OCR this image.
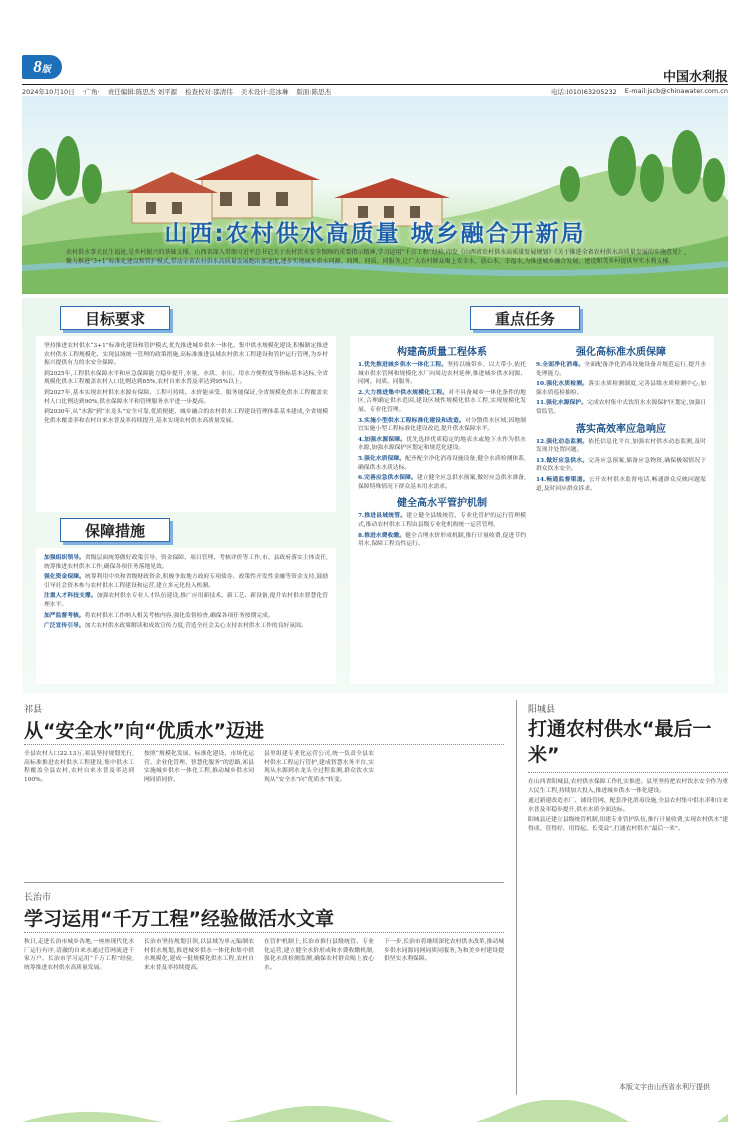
8版
中国水利报
2024年10月10日 ·广角· 责任编辑:陈思杰 刘平源 检查校对:邵清伟 美术设计:范冰琳 版面:陈思杰	电话:(010)63205232 E-mail:jscb@chinawater.com.cn
山西:农村供水高质量 城乡融合开新局
农村供水事关民生福祉,是乡村振兴的基础支撑。山西省深入贯彻习近平总书记关于农村饮水安全保障的重要指示精神,学习运用“千万工程”经验,印发《山西省农村供水高质量发展规划》《关于推进全省农村供水高质量发展的实施意见》,聚力推进“3+1”标准化建设和管护模式,带动全省农村供水高质量发展跑出加速度,逐步实现城乡供水同源、同网、同质、同服务,让广大农村群众喝上安全水、放心水、幸福水,为推进城乡融合发展、建设和美乡村提供坚实水利支撑。
目标要求

坚持推进农村供水“3+1”标准化建设和管护模式,优先推进城乡供水一体化、集中供水规模化建设,积极制定推进农村供水工程规模化、实现县域统一管理的政策措施,高标准推进县域农村供水工程建设和管护运行管理,为乡村振兴提供有力的水安全保障。

到2025年,工程供水保障水平和应急保障能力稳步提升,水量、水质、水压、用水方便程度等指标基本达标,全省规模化供水工程覆盖农村人口比例达到85%,农村自来水普及率达到95%以上。

到2027年,基本实现农村供水水源有保障、工程可持续、水价能承受、服务能保证,全省规模化供水工程覆盖农村人口比例达到90%,供水保障水平和管理服务水平进一步提高。

到2030年,从“水源”到“水龙头”安全可靠,优质便捷、城乡融合的农村供水工程建设管理体系基本建成,全省规模化供水覆盖率和农村自来水普及率持续提升,基本实现农村供水高质量发展。

保障措施

加强组织领导。省级层面统筹做好政策引导、资金保障、项目管理、考核评价等工作,市、县政府落实主体责任,统筹推进农村供水工作,确保各项任务落地见效。

强化资金保障。统筹利用中央和省级财政资金,积极争取地方政府专项债券、政策性开发性金融等资金支持,鼓励引导社会资本参与农村供水工程建设和运营,建立多元化投入机制。

注重人才科技支撑。加强农村供水专业人才队伍建设,推广应用新技术、新工艺、新设备,提升农村供水智慧化管理水平。

加严监督考核。将农村供水工作纳入相关考核内容,强化监督检查,确保各项任务按期完成。

广泛宣传引导。加大农村供水政策解读和成效宣传力度,营造全社会关心支持农村供水工作的良好氛围。

重点任务
构建高质量工程体系

1.优先推进城乡供水一体化工程。坚持以城带乡、以大带小,依托城市供水管网和规模化水厂向周边农村延伸,推进城乡供水同源、同网、同质、同服务。

2.大力推进集中供水规模化工程。对不具备城乡一体化条件的地区,合理确定供水范围,建设区域性规模化供水工程,实现规模化发展、专业化管理。

3.实施小型供水工程标准化建设和改造。对分散供水区域,因地制宜实施小型工程标准化建设改造,提升供水保障水平。

4.加强水源保障。优先选择优质稳定的地表水或地下水作为供水水源,加强水源保护区划定和规范化建设。

5.强化水质保障。配齐配全净化消毒设施设备,健全水质检测体系,确保供水水质达标。

6.完善应急供水保障。建立健全应急供水预案,做好应急供水准备,保障特殊情况下群众基本用水需求。

健全高水平管护机制

7.推进县域统管。建立健全县级统管、专业化管护的运行管理模式,推动农村供水工程由县级专业化机构统一运营管理。

8.推进水费收缴。健全合理水价形成机制,推行计量收费,促进节约用水,保障工程良性运行。

强化高标准水质保障

9.全面净化消毒。全面配备净化消毒设施设备并规范运行,提升水处理能力。

10.强化水质检测。落实水质检测制度,完善县级水质检测中心,加强水质巡检抽检。

11.强化水源保护。完成农村集中式饮用水水源保护区划定,加强日常监管。

落实高效率应急响应

12.强化动态监测。依托信息化平台,加强农村供水动态监测,及时发现并处置问题。

13.做好应急供水。完善应急预案,储备应急物资,确保极端情况下群众饮水安全。

14.畅通监督渠道。公开农村供水监督电话,畅通群众反映问题渠道,及时回应群众诉求。

祁县
从“安全水”向“优质水”迈进

全县农村人口22.13万,祁县坚持规划先行,高标准推进农村供水工程建设,集中供水工程覆盖全县农村,农村自来水普及率达到100%。

按照“规模化发展、标准化建设、市场化运营、企业化管理、智慧化服务”的思路,祁县实施城乡供水一体化工程,推动城乡供水同网同质同价。

县里组建专业化运营公司,统一负责全县农村供水工程运行管护,建成智慧水务平台,实现从水源到水龙头全过程监测,群众饮水实现从“安全水”向“优质水”转变。

阳城县
打通农村供水“最后一米”

在山西省阳城县,农村供水保障工作扎实推进。县里坚持把农村饮水安全作为重大民生工程,持续加大投入,推进城乡供水一体化建设。

通过新建改造水厂、铺设管网、配套净化消毒设施,全县农村集中供水率和自来水普及率稳步提升,供水水质全面达标。

阳城县还建立县级统管机制,组建专业管护队伍,推行计量收费,实现农村供水“建得成、管得好、用得起、长受益”,打通农村供水“最后一米”。

长治市
学习运用“千万工程”经验做活水文章

秋日,走进长治市城乡各地,一座座现代化水厂运行有序,清澈的自来水通过管网流进千家万户。长治市学习运用“千万工程”经验,统筹推进农村供水高质量发展。

长治市坚持规划引领,以县域为单元编制农村供水规划,推进城乡供水一体化和集中供水规模化,建成一批规模化供水工程,农村自来水普及率持续提高。

在管护机制上,长治市推行县级统管、专业化运营,建立健全水价形成和水费收缴机制,强化水质检测监测,确保农村群众喝上放心水。

下一步,长治市将继续深化农村供水改革,推动城乡供水同源同网同质同服务,为和美乡村建设提供坚实水利保障。

本版文字由山西省水利厅提供
